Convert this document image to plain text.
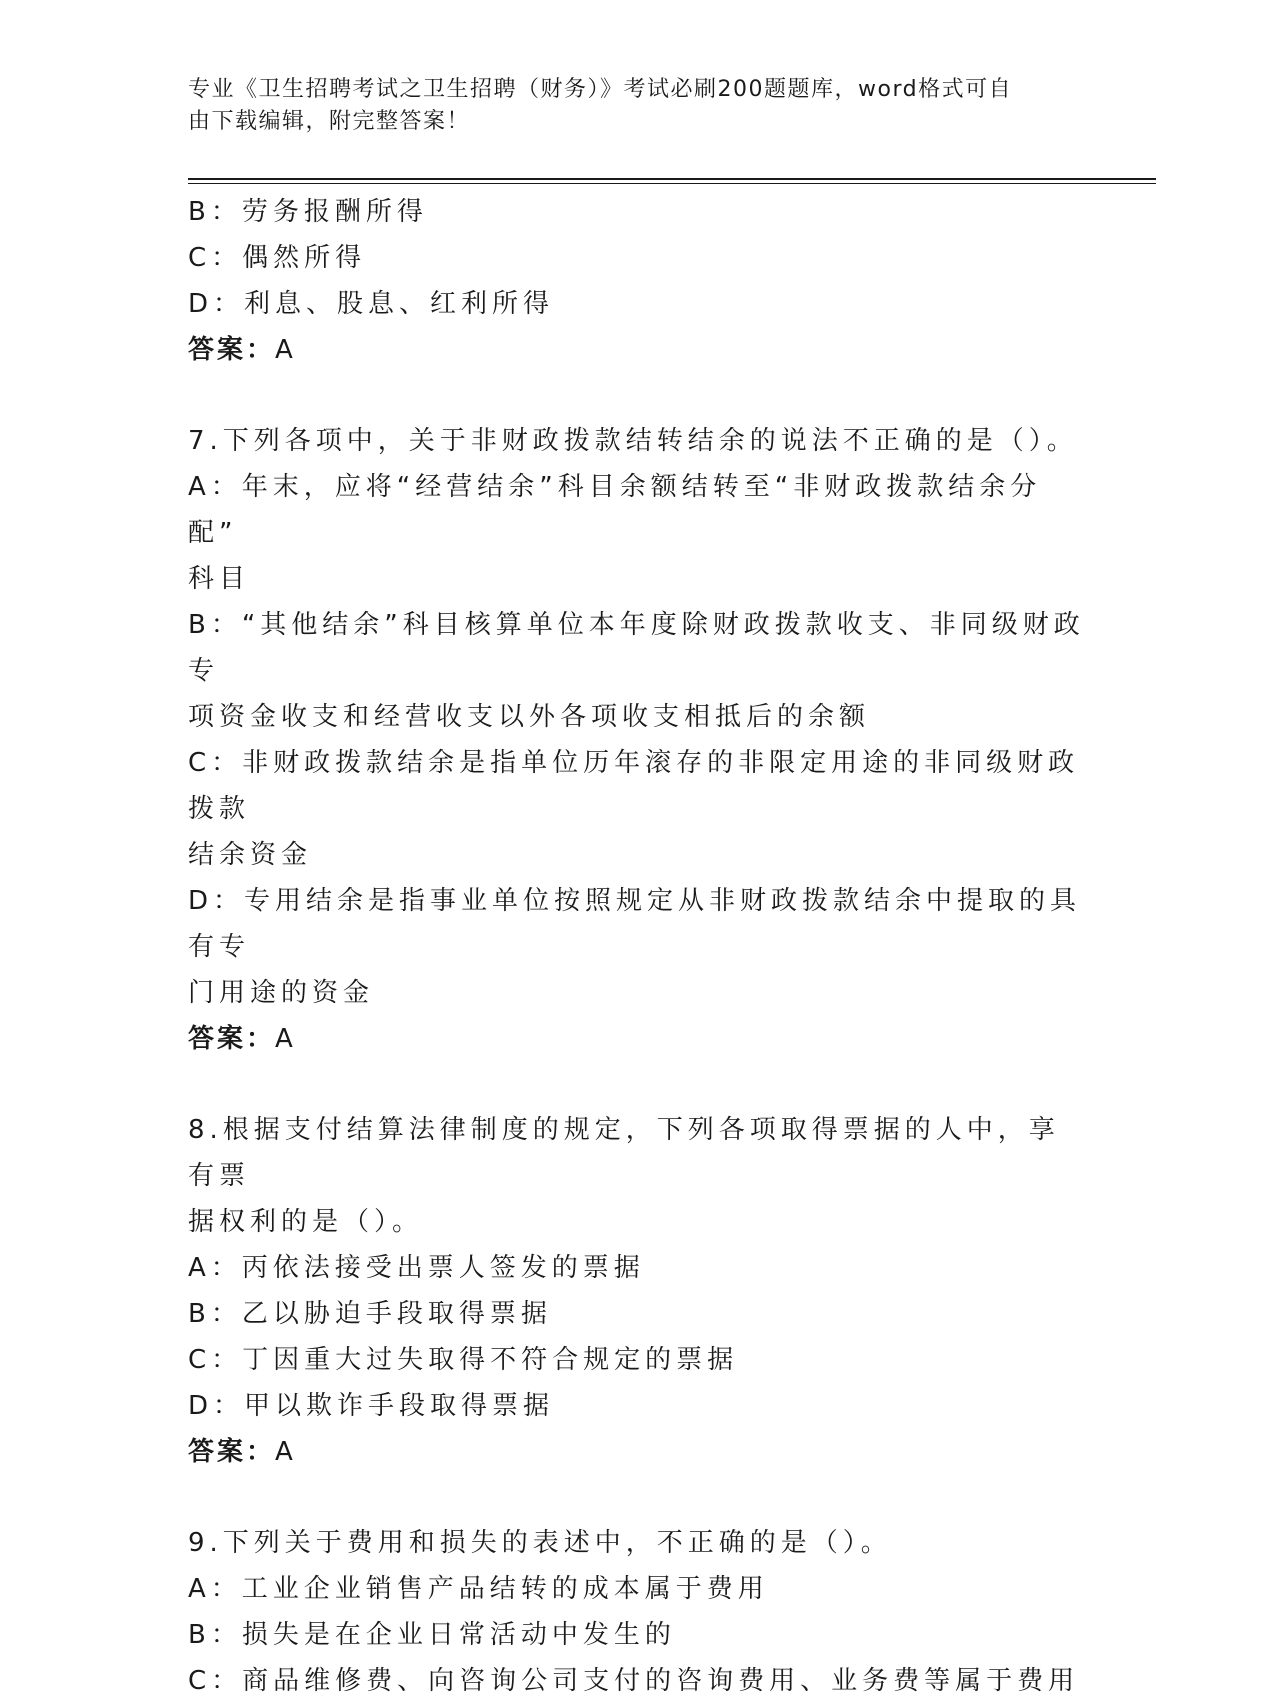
专业《卫生招聘考试之卫生招聘（财务）》考试必刷200题题库，word格式可自
由下载编辑，附完整答案！
B：劳务报酬所得
C：偶然所得
D：利息、股息、红利所得
答案：A
7.下列各项中，关于非财政拨款结转结余的说法不正确的是（）。
A：年末，应将“经营结余”科目余额结转至“非财政拨款结余分配”
科目
B：“其他结余”科目核算单位本年度除财政拨款收支、非同级财政专
项资金收支和经营收支以外各项收支相抵后的余额
C：非财政拨款结余是指单位历年滚存的非限定用途的非同级财政拨款
结余资金
D：专用结余是指事业单位按照规定从非财政拨款结余中提取的具有专
门用途的资金
答案：A
8.根据支付结算法律制度的规定，下列各项取得票据的人中，享有票
据权利的是（）。
A：丙依法接受出票人签发的票据
B：乙以胁迫手段取得票据
C：丁因重大过失取得不符合规定的票据
D：甲以欺诈手段取得票据
答案：A
9.下列关于费用和损失的表述中，不正确的是（）。
A：工业企业销售产品结转的成本属于费用
B：损失是在企业日常活动中发生的
C：商品维修费、向咨询公司支付的咨询费用、业务费等属于费用
